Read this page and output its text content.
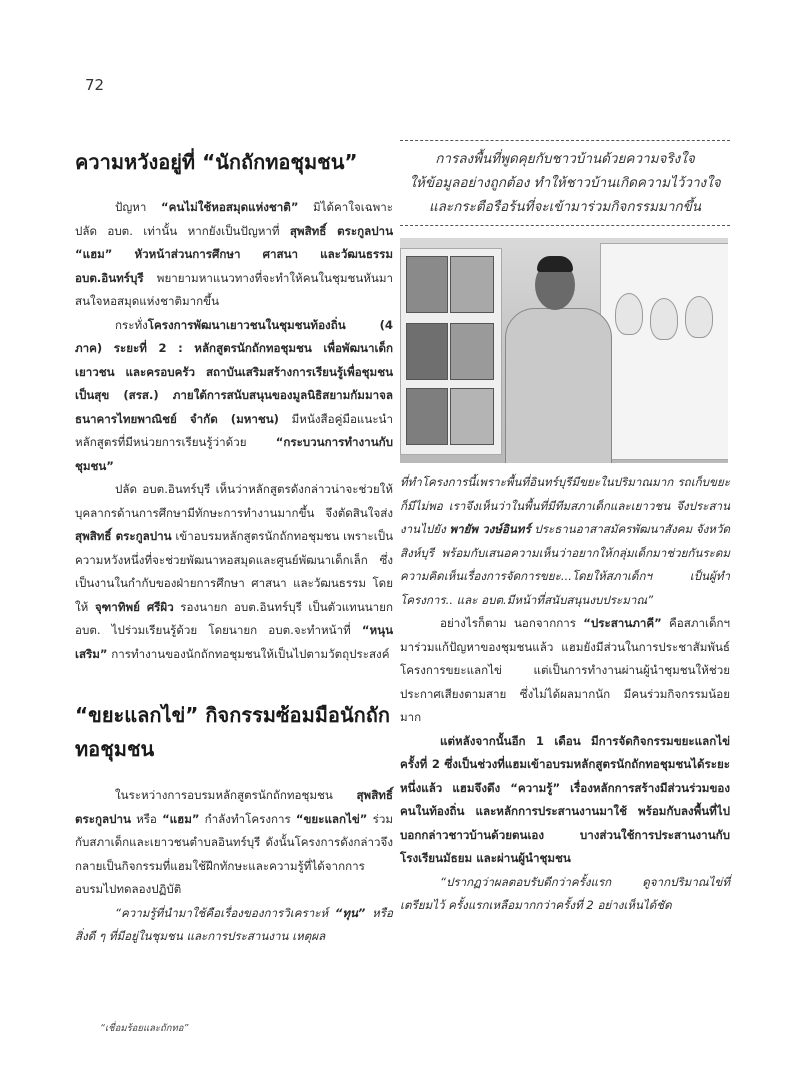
72
ความหวังอยู่ที่ “นักถักทอชุมชน”

ปัญหา “คนไม่ใช้หอสมุดแห่งชาติ” มิได้คาใจเฉพาะปลัด อบต. เท่านั้น หากยังเป็นปัญหาที่ สุพสิทธิ์ ตระกูลปาน “แฮม” หัวหน้าส่วนการศึกษา ศาสนา และวัฒนธรรม อบต.อินทร์บุรี พยายามหาแนวทางที่จะทำให้คนในชุมชนหันมาสนใจหอสมุดแห่งชาติมากขึ้น

กระทั่งโครงการพัฒนาเยาวชนในชุมชนท้องถิ่น (4 ภาค) ระยะที่ 2 : หลักสูตรนักถักทอชุมชน เพื่อพัฒนาเด็ก เยาวชน และครอบครัว สถาบันเสริมสร้างการเรียนรู้เพื่อชุมชนเป็นสุข (สรส.) ภายใต้การสนับสนุนของมูลนิธิสยามกัมมาจล ธนาคารไทยพาณิชย์ จำกัด (มหาชน) มีหนังสือคู่มือแนะนำหลักสูตรที่มีหน่วยการเรียนรู้ว่าด้วย “กระบวนการทำงานกับชุมชน”

ปลัด อบต.อินทร์บุรี เห็นว่าหลักสูตรดังกล่าวน่าจะช่วยให้บุคลากรด้านการศึกษามีทักษะการทำงานมากขึ้น จึงตัดสินใจส่ง สุพสิทธิ์ ตระกูลปาน เข้าอบรมหลักสูตรนักถักทอชุมชน เพราะเป็นความหวังหนึ่งที่จะช่วยพัฒนาหอสมุดและศูนย์พัฒนาเด็กเล็ก ซึ่งเป็นงานในกำกับของฝ่ายการศึกษา ศาสนา และวัฒนธรรม โดยให้ จุฑาทิพย์ ศรีผิว รองนายก อบต.อินทร์บุรี เป็นตัวแทนนายก อบต. ไปร่วมเรียนรู้ด้วย โดยนายก อบต.จะทำหน้าที่ “หนุนเสริม” การทำงานของนักถักทอชุมชนให้เป็นไปตามวัตถุประสงค์

“ขยะแลกไข่” กิจกรรมซ้อมมือนักถักทอชุมชน

ในระหว่างการอบรมหลักสูตรนักถักทอชุมชน สุพสิทธิ์ ตระกูลปาน หรือ “แฮม” กำลังทำโครงการ “ขยะแลกไข่” ร่วมกับสภาเด็กและเยาวชนตำบลอินทร์บุรี ดังนั้นโครงการดังกล่าวจึงกลายเป็นกิจกรรมที่แฮมใช้ฝึกทักษะและความรู้ที่ได้จากการอบรมไปทดลองปฏิบัติ

“ความรู้ที่นำมาใช้คือเรื่องของการวิเคราะห์ “ทุน” หรือ สิ่งดี ๆ ที่มีอยู่ในชุมชน และการประสานงาน เหตุผล

การลงพื้นที่พูดคุยกับชาวบ้านด้วยความจริงใจ
ให้ข้อมูลอย่างถูกต้อง ทำให้ชาวบ้านเกิดความไว้วางใจ
และกระตือรือร้นที่จะเข้ามาร่วมกิจกรรมมากขึ้น

ที่ทำโครงการนี้เพราะพื้นที่อินทร์บุรีมีขยะในปริมาณมาก รถเก็บขยะก็มีไม่พอ เราจึงเห็นว่าในพื้นที่มีทีมสภาเด็กและเยาวชน จึงประสานงานไปยัง พายัพ วงษ์อินทร์ ประธานอาสาสมัครพัฒนาสังคม จังหวัดสิงห์บุรี พร้อมกับเสนอความเห็นว่าอยากให้กลุ่มเด็กมาช่วยกันระดมความคิดเห็นเรื่องการจัดการขยะ...โดยให้สภาเด็กฯ เป็นผู้ทำโครงการ.. และ อบต.มีหน้าที่สนับสนุนงบประมาณ”

อย่างไรก็ตาม นอกจากการ “ประสานภาคี” คือสภาเด็กฯ มาร่วมแก้ปัญหาของชุมชนแล้ว แฮมยังมีส่วนในการประชาสัมพันธ์โครงการขยะแลกไข่ แต่เป็นการทำงานผ่านผู้นำชุมชนให้ช่วยประกาศเสียงตามสาย ซึ่งไม่ได้ผลมากนัก มีคนร่วมกิจกรรมน้อยมาก

แต่หลังจากนั้นอีก 1 เดือน มีการจัดกิจกรรมขยะแลกไข่ครั้งที่ 2 ซึ่งเป็นช่วงที่แฮมเข้าอบรมหลักสูตรนักถักทอชุมชนได้ระยะหนึ่งแล้ว แฮมจึงดึง “ความรู้” เรื่องหลักการสร้างมีส่วนร่วมของคนในท้องถิ่น และหลักการประสานงานมาใช้ พร้อมกับลงพื้นที่ไปบอกกล่าวชาวบ้านด้วยตนเอง บางส่วนใช้การประสานงานกับโรงเรียนมัธยม และผ่านผู้นำชุมชน

“ปรากฏว่าผลตอบรับดีกว่าครั้งแรก ดูจากปริมาณไข่ที่เตรียมไว้ ครั้งแรกเหลือมากกว่าครั้งที่ 2 อย่างเห็นได้ชัด

“เชื่อมร้อยและถักทอ”
